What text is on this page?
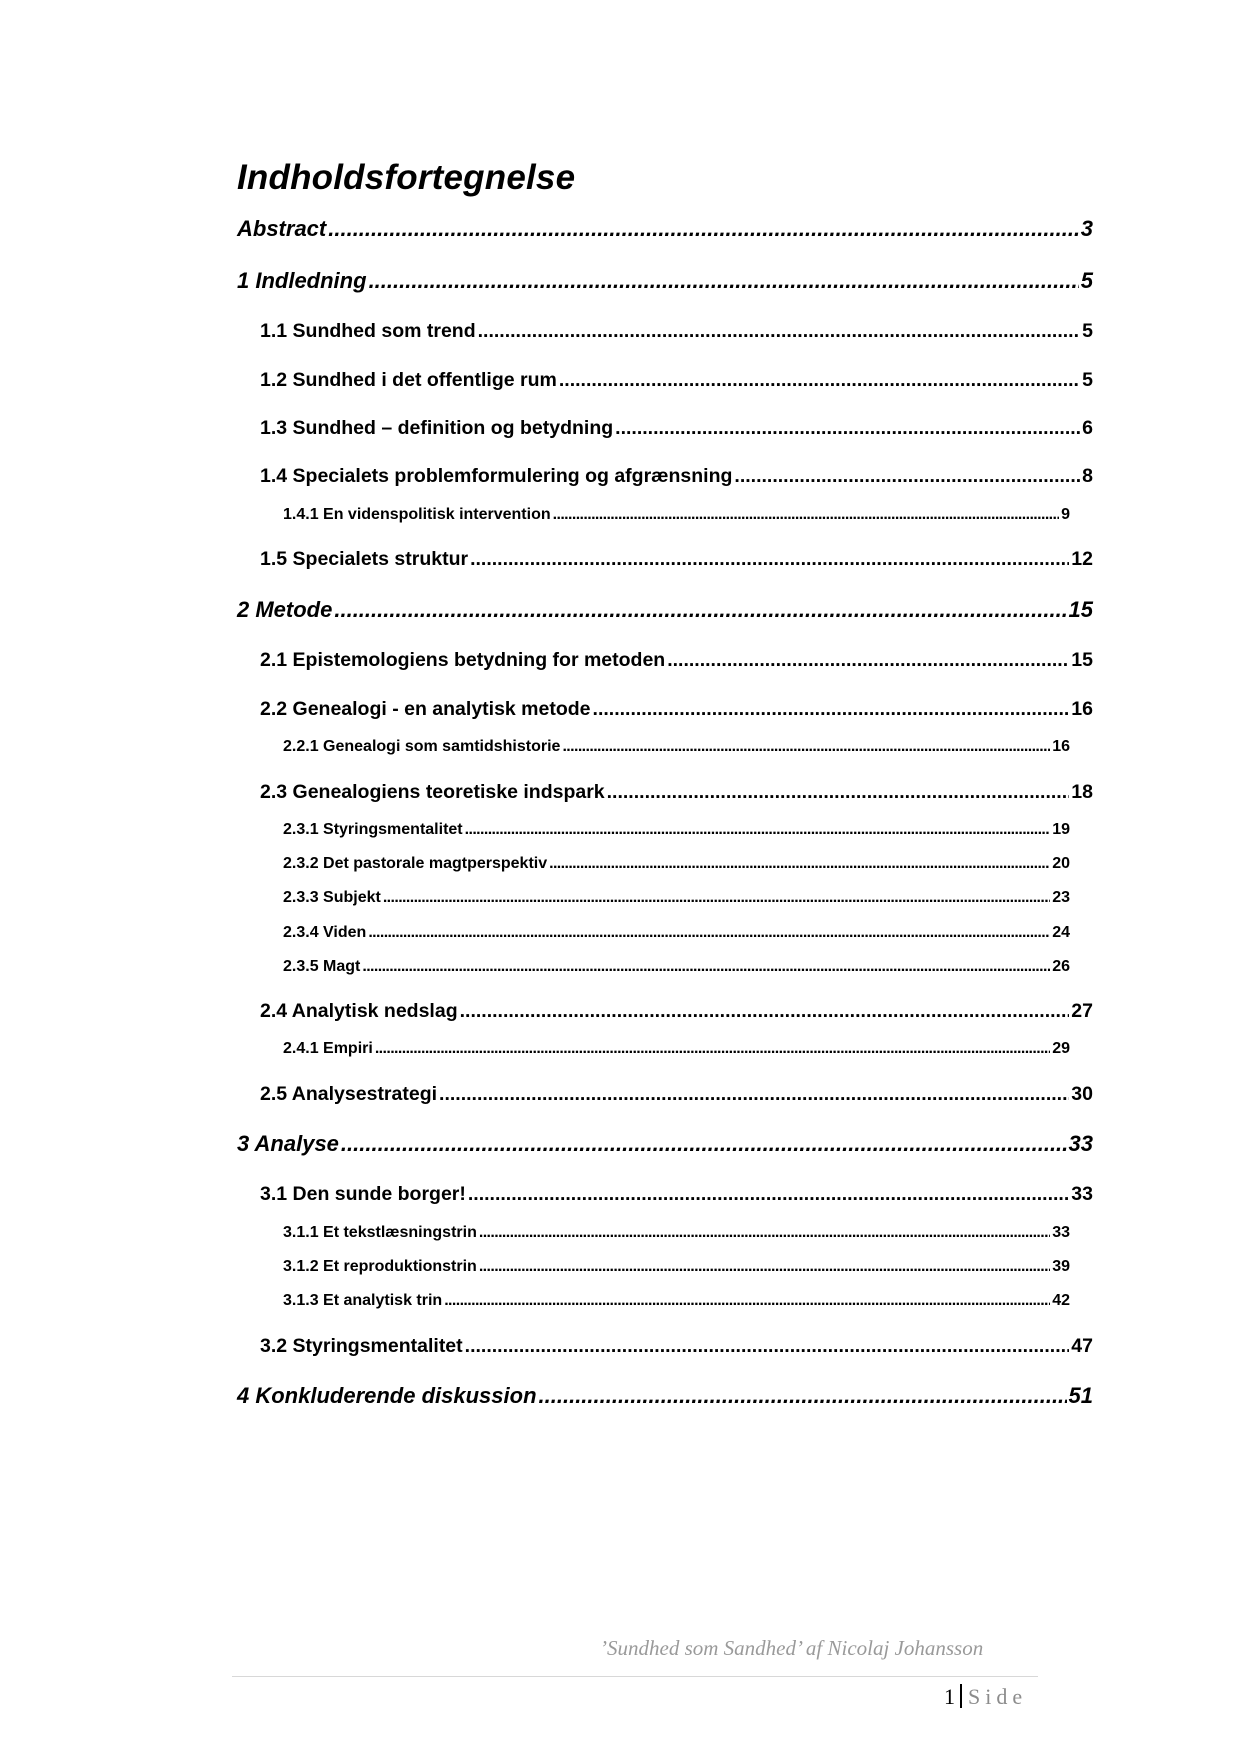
Indholdsfortegnelse
Abstract .....	3
1 Indledning .....	5
1.1 Sundhed som trend .....	5
1.2 Sundhed i det offentlige rum .....	5
1.3 Sundhed – definition og betydning .....	6
1.4 Specialets problemformulering og afgrænsning .....	8
1.4.1 En videnspolitisk intervention .....	9
1.5 Specialets struktur .....	12
2 Metode .....	15
2.1 Epistemologiens betydning for metoden .....	15
2.2 Genealogi - en analytisk metode .....	16
2.2.1 Genealogi som samtidshistorie .....	16
2.3 Genealogiens teoretiske indspark .....	18
2.3.1 Styringsmentalitet .....	19
2.3.2 Det pastorale magtperspektiv .....	20
2.3.3 Subjekt .....	23
2.3.4 Viden .....	24
2.3.5 Magt .....	26
2.4 Analytisk nedslag .....	27
2.4.1 Empiri .....	29
2.5 Analysestrategi .....	30
3 Analyse .....	33
3.1 Den sunde borger! .....	33
3.1.1 Et tekstlæsningstrin .....	33
3.1.2 Et reproduktionstrin .....	39
3.1.3 Et analytisk trin .....	42
3.2 Styringsmentalitet .....	47
4 Konkluderende diskussion .....	51
’Sundhed som Sandhed’ af Nicolaj Johansson
1 Side
